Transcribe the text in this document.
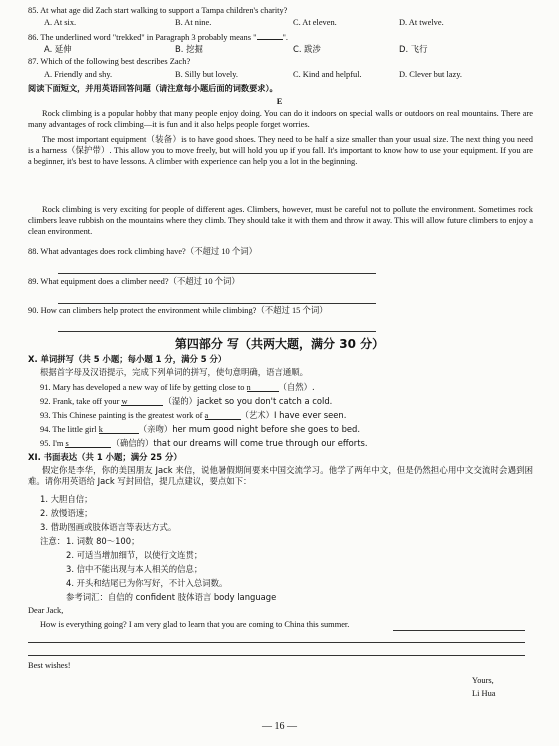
85. At what age did Zach start walking to support a Tampa children's charity?
A. At six.	B. At nine.	C. At eleven.	D. At twelve.
86. The underlined word "trekked" in Paragraph 3 probably means "	".
A. 延伸	B. 挖掘	C. 跋涉	D. 飞行
87. Which of the following best describes Zach?
A. Friendly and shy.	B. Silly but lovely.	C. Kind and helpful.	D. Clever but lazy.
阅读下面短文，并用英语回答问题（请注意每小题后面的词数要求）。
E
Rock climbing is a popular hobby that many people enjoy doing. You can do it indoors on special walls or outdoors on real mountains. There are many advantages of rock climbing—it is fun and it also helps people forget worries.
The most important equipment（装备）is to have good shoes. They need to be half a size smaller than your usual size. The next thing you need is a harness（保护带）. This allow you to move freely, but will hold you up if you fall. It's important to know how to use your equipment. If you are a beginner, it's best to have lessons. A climber with experience can help you a lot in the beginning.
Rock climbing is very exciting for people of different ages. Climbers, however, must be careful not to pollute the environment. Sometimes rock climbers leave rubbish on the mountains where they climb. They should take it with them and throw it away. This will allow future climbers to enjoy a clean environment.
88. What advantages does rock climbing have?（不超过 10 个词）
89. What equipment does a climber need?（不超过 10 个词）
90. How can climbers help protect the environment while climbing?（不超过 15 个词）
第四部分 写（共两大题，满分 30 分）
X. 单词拼写（共 5 小题；每小题 1 分，满分 5 分）
根据首字母及汉语提示，完成下列单词的拼写，使句意明确，语言通顺。
91. Mary has developed a new way of life by getting close to n	（自然）.
92. Frank, take off your w	（湿的）jacket so you don't catch a cold.
93. This Chinese painting is the greatest work of a	（艺术）I have ever seen.
94. The little girl k	（亲吻）her mum good night before she goes to bed.
95. I'm s	（确信的）that our dreams will come true through our efforts.
XI. 书面表达（共 1 小题；满分 25 分）
假定你是李华，你的美国朋友 Jack 来信，说他暑假期间要来中国交流学习。他学了两年中文，但是仍然担心用中文交流时会遇到困难。请你用英语给 Jack 写封回信，提几点建议，要点如下：
1. 大胆自信；
2. 放慢语速；
3. 借助图画或肢体语言等表达方式。
注意： 1. 词数 80～100；
2. 可适当增加细节，以使行文连贯；
3. 信中不能出现与本人相关的信息；
4. 开头和结尾已为你写好，不计入总词数。
参考词汇：自信的 confident 肢体语言 body language
Dear Jack,
How is everything going? I am very glad to learn that you are coming to China this summer.
Best wishes!
Yours,
Li Hua
— 16 —
